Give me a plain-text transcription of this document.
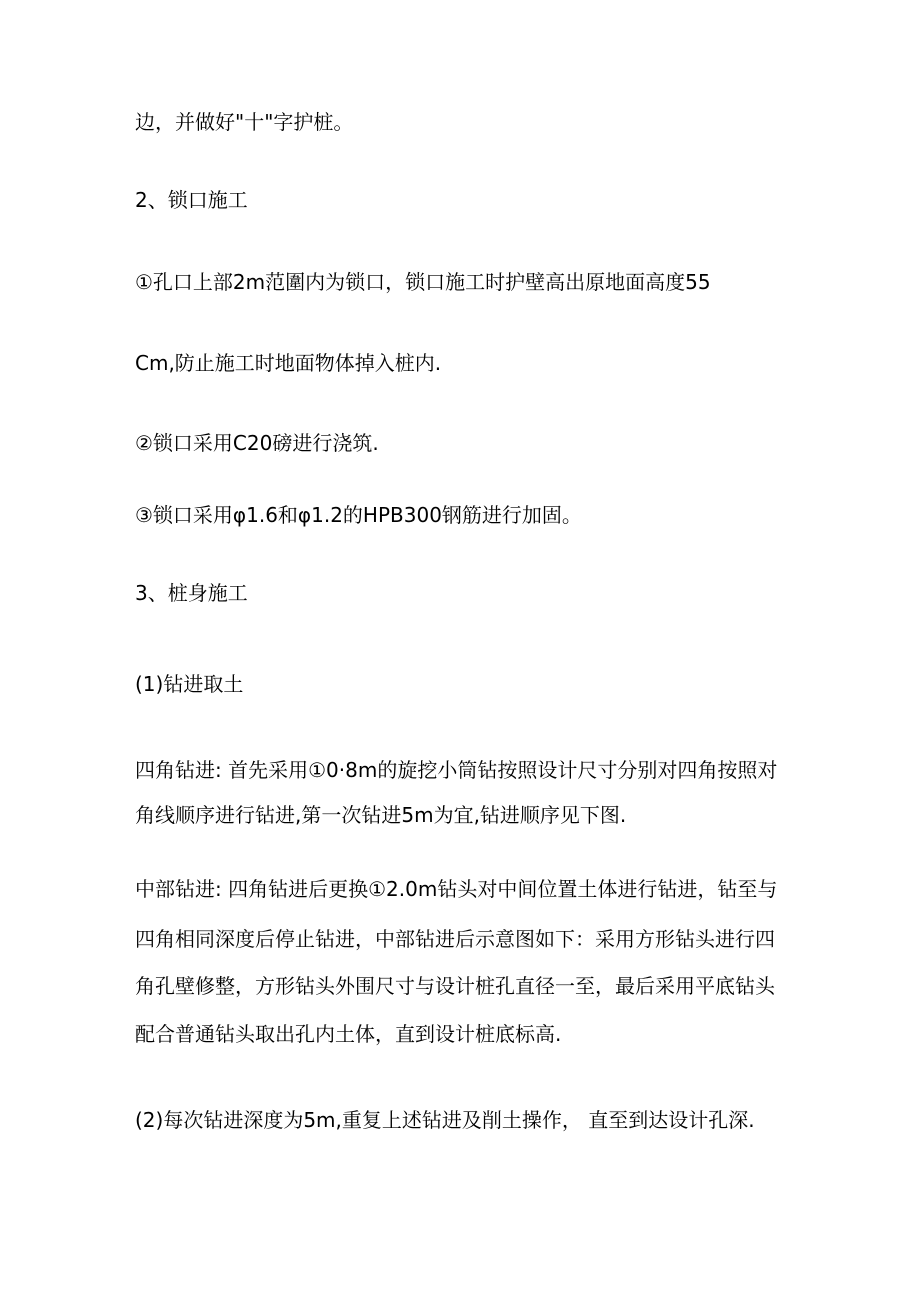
边，并做好"十"字护桩。
2、锁口施工
①孔口上部2m范圍内为锁口，锁口施工时护壁高出原地面高度55
Cm,防止施工时地面物体掉入桩内.
②锁口采用C20磅进行浇筑.
③锁口采用φ1.6和φ1.2的HPB300钢筋进行加固。
3、桩身施工
(1)钻进取土
四角钻进: 首先采用①0·8m的旋挖小筒钻按照设计尺寸分别对四角按照对
角线顺序进行钻进,第一次钻进5m为宜,钻进顺序见下图.
中部钻进: 四角钻进后更换①2.0m钻头对中间位置土体进行钻进，钻至与
四角相同深度后停止钻进，中部钻进后示意图如下：采用方形钻头进行四
角孔壁修整，方形钻头外围尺寸与设计桩孔直径一至，最后采用平底钻头
配合普通钻头取出孔内土体，直到设计桩底标高.
(2)每次钻进深度为5m,重复上述钻进及削土操作， 直至到达设计孔深.
